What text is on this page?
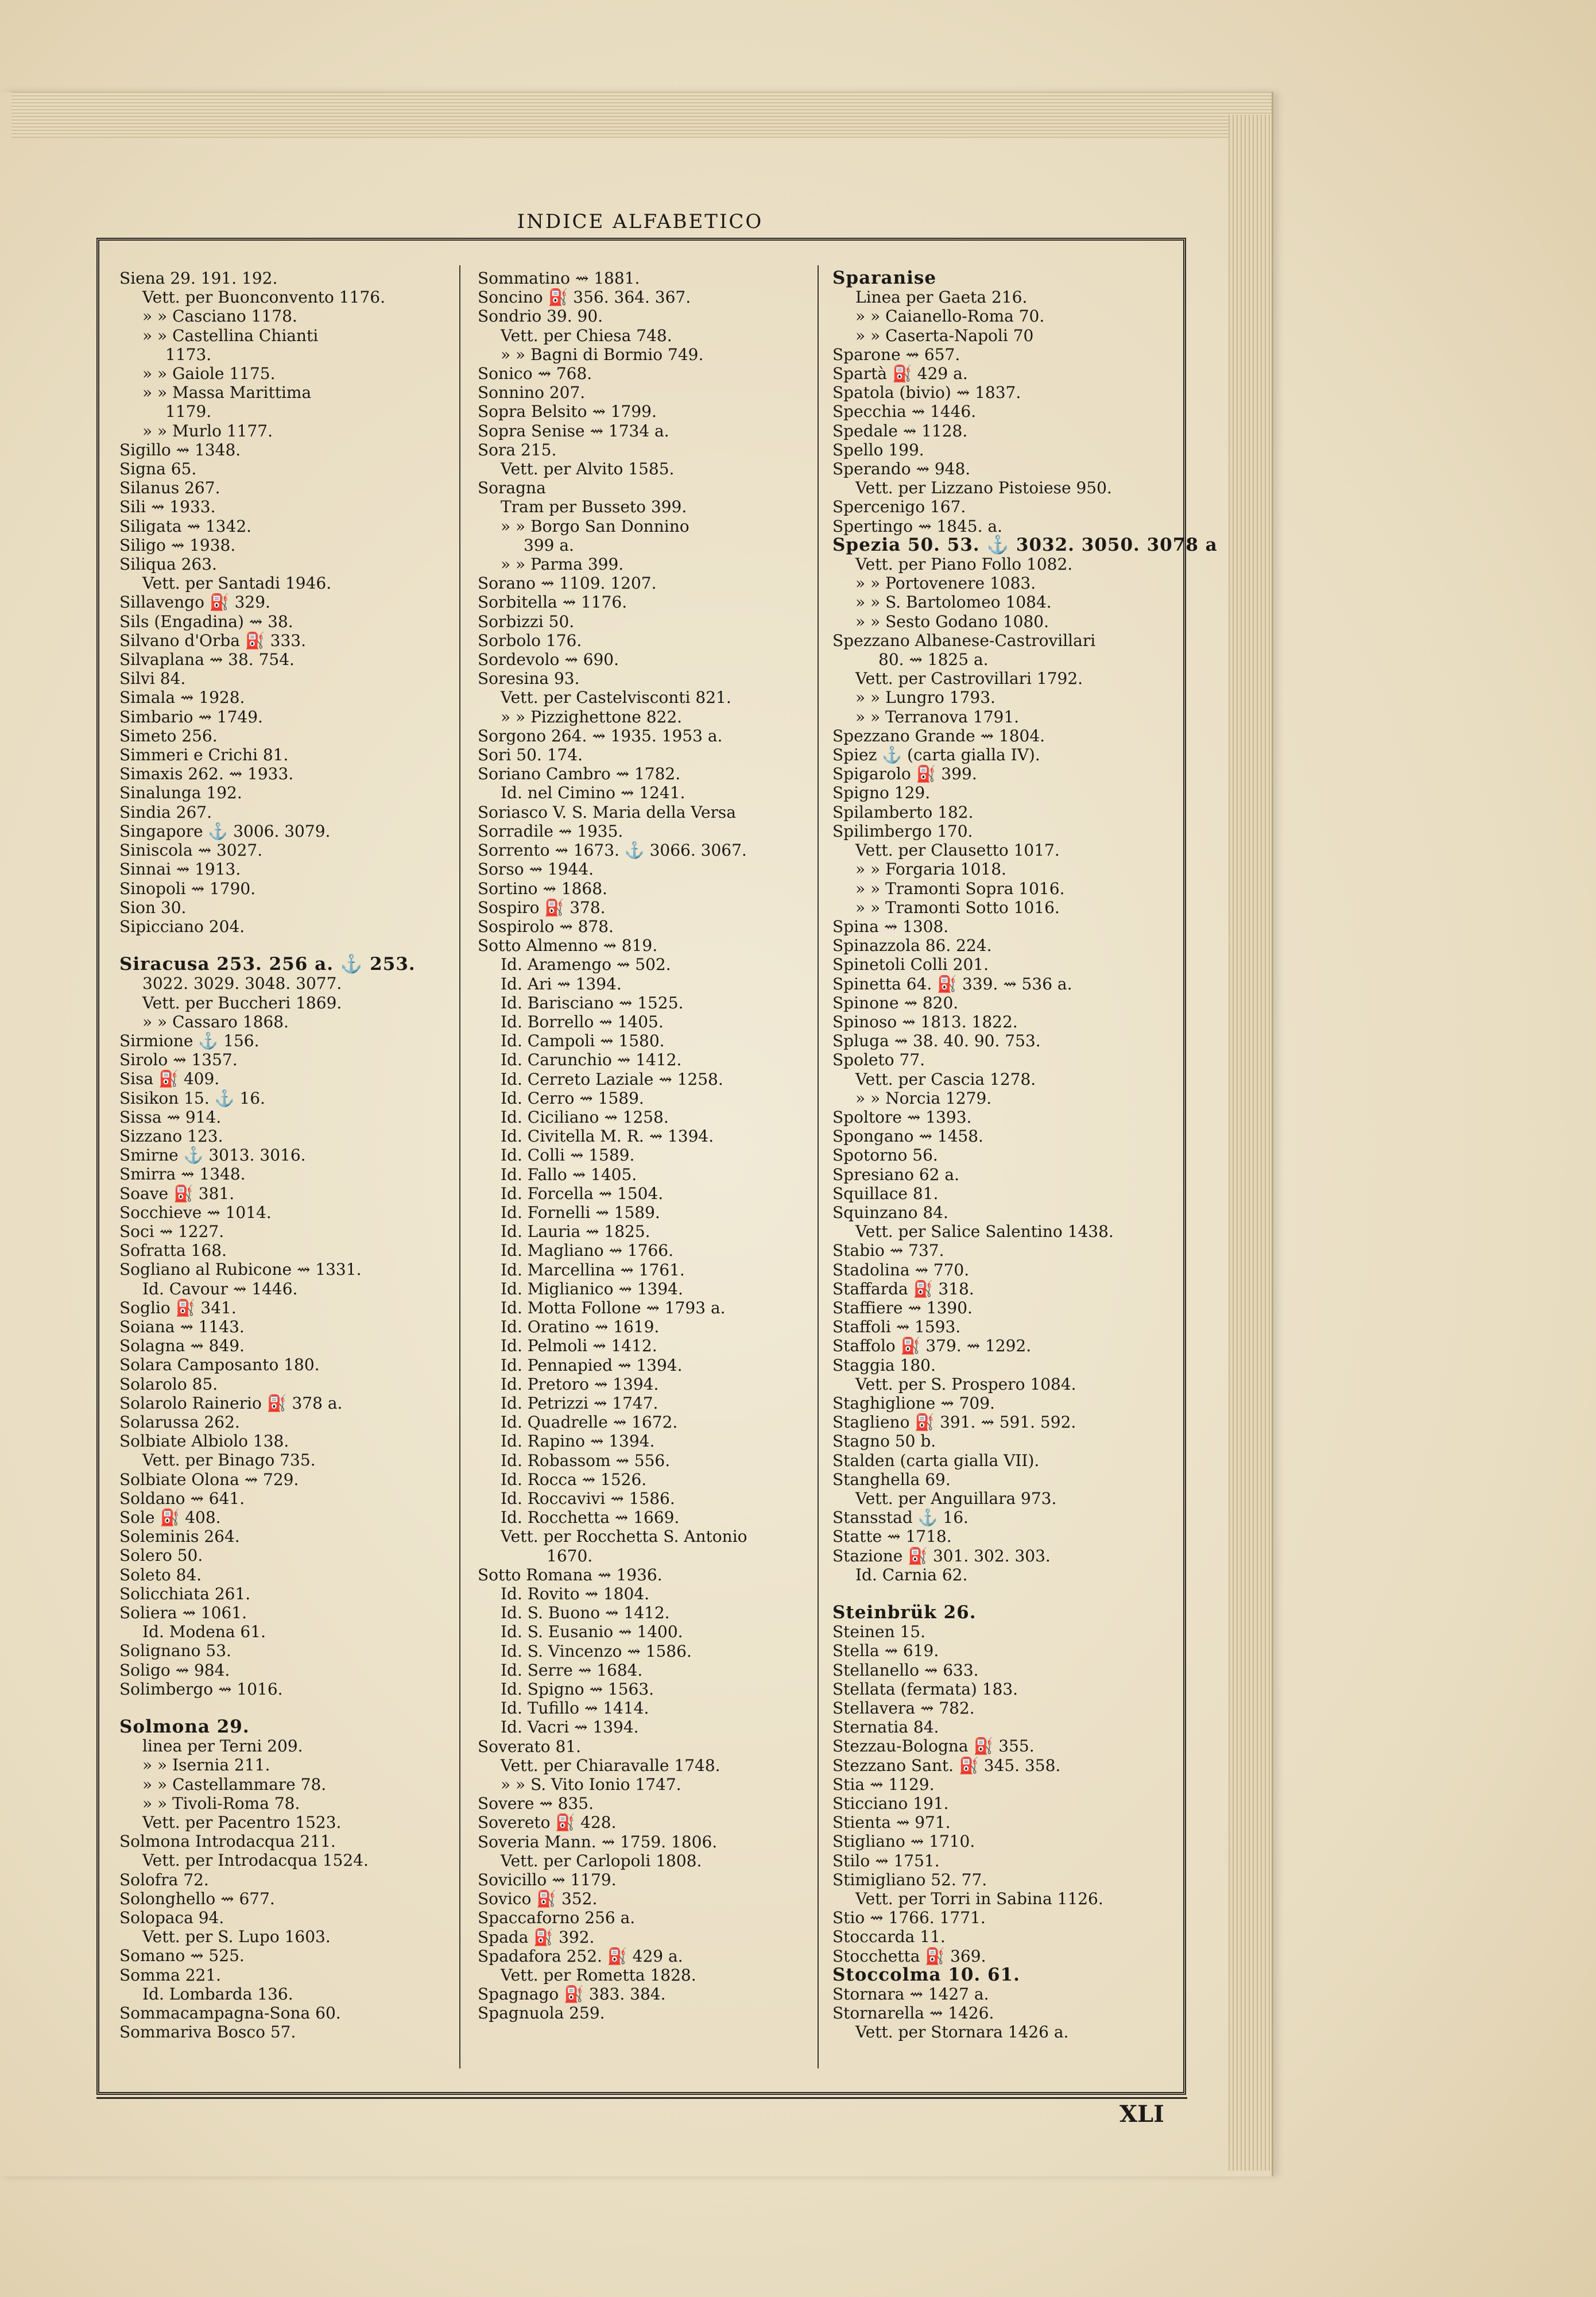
INDICE ALFABETICO
Siena 29. 191. 192.
Vett. per Buonconvento 1176.
» » Casciano 1178.
» » Castellina Chianti
1173.
» » Gaiole 1175.
» » Massa Marittima
1179.
» » Murlo 1177.
Sigillo ⇝ 1348.
Signa 65.
Silanus 267.
Sili ⇝ 1933.
Siligata ⇝ 1342.
Siligo ⇝ 1938.
Siliqua 263.
Vett. per Santadi 1946.
Sillavengo ⛽ 329.
Sils (Engadina) ⇝ 38.
Silvano d'Orba ⛽ 333.
Silvaplana ⇝ 38. 754.
Silvi 84.
Simala ⇝ 1928.
Simbario ⇝ 1749.
Simeto 256.
Simmeri e Crichi 81.
Simaxis 262. ⇝ 1933.
Sinalunga 192.
Sindia 267.
Singapore ⚓ 3006. 3079.
Siniscola ⇝ 3027.
Sinnai ⇝ 1913.
Sinopoli ⇝ 1790.
Sion 30.
Sipicciano 204.
Siracusa 253. 256 a. ⚓ 253.
3022. 3029. 3048. 3077.
Vett. per Buccheri 1869.
» » Cassaro 1868.
Sirmione ⚓ 156.
Sirolo ⇝ 1357.
Sisa ⛽ 409.
Sisikon 15. ⚓ 16.
Sissa ⇝ 914.
Sizzano 123.
Smirne ⚓ 3013. 3016.
Smirra ⇝ 1348.
Soave ⛽ 381.
Socchieve ⇝ 1014.
Soci ⇝ 1227.
Sofratta 168.
Sogliano al Rubicone ⇝ 1331.
Id. Cavour ⇝ 1446.
Soglio ⛽ 341.
Soiana ⇝ 1143.
Solagna ⇝ 849.
Solara Camposanto 180.
Solarolo 85.
Solarolo Rainerio ⛽ 378 a.
Solarussa 262.
Solbiate Albiolo 138.
Vett. per Binago 735.
Solbiate Olona ⇝ 729.
Soldano ⇝ 641.
Sole ⛽ 408.
Soleminis 264.
Solero 50.
Soleto 84.
Solicchiata 261.
Soliera ⇝ 1061.
Id. Modena 61.
Solignano 53.
Soligo ⇝ 984.
Solimbergo ⇝ 1016.
Solmona 29.
linea per Terni 209.
» » Isernia 211.
» » Castellammare 78.
» » Tivoli-Roma 78.
Vett. per Pacentro 1523.
Solmona Introdacqua 211.
Vett. per Introdacqua 1524.
Solofra 72.
Solonghello ⇝ 677.
Solopaca 94.
Vett. per S. Lupo 1603.
Somano ⇝ 525.
Somma 221.
Id. Lombarda 136.
Sommacampagna-Sona 60.
Sommariva Bosco 57.
Sommatino ⇝ 1881.
Soncino ⛽ 356. 364. 367.
Sondrio 39. 90.
Vett. per Chiesa 748.
» » Bagni di Bormio 749.
Sonico ⇝ 768.
Sonnino 207.
Sopra Belsito ⇝ 1799.
Sopra Senise ⇝ 1734 a.
Sora 215.
Vett. per Alvito 1585.
Soragna
Tram per Busseto 399.
» » Borgo San Donnino
399 a.
» » Parma 399.
Sorano ⇝ 1109. 1207.
Sorbitella ⇝ 1176.
Sorbizzi 50.
Sorbolo 176.
Sordevolo ⇝ 690.
Soresina 93.
Vett. per Castelvisconti 821.
» » Pizzighettone 822.
Sorgono 264. ⇝ 1935. 1953 a.
Sori 50. 174.
Soriano Cambro ⇝ 1782.
Id. nel Cimino ⇝ 1241.
Soriasco V. S. Maria della Versa
Sorradile ⇝ 1935.
Sorrento ⇝ 1673. ⚓ 3066. 3067.
Sorso ⇝ 1944.
Sortino ⇝ 1868.
Sospiro ⛽ 378.
Sospirolo ⇝ 878.
Sotto Almenno ⇝ 819.
Id. Aramengo ⇝ 502.
Id. Ari ⇝ 1394.
Id. Barisciano ⇝ 1525.
Id. Borrello ⇝ 1405.
Id. Campoli ⇝ 1580.
Id. Carunchio ⇝ 1412.
Id. Cerreto Laziale ⇝ 1258.
Id. Cerro ⇝ 1589.
Id. Ciciliano ⇝ 1258.
Id. Civitella M. R. ⇝ 1394.
Id. Colli ⇝ 1589.
Id. Fallo ⇝ 1405.
Id. Forcella ⇝ 1504.
Id. Fornelli ⇝ 1589.
Id. Lauria ⇝ 1825.
Id. Magliano ⇝ 1766.
Id. Marcellina ⇝ 1761.
Id. Miglianico ⇝ 1394.
Id. Motta Follone ⇝ 1793 a.
Id. Oratino ⇝ 1619.
Id. Pelmoli ⇝ 1412.
Id. Pennapied ⇝ 1394.
Id. Pretoro ⇝ 1394.
Id. Petrizzi ⇝ 1747.
Id. Quadrelle ⇝ 1672.
Id. Rapino ⇝ 1394.
Id. Robassom ⇝ 556.
Id. Rocca ⇝ 1526.
Id. Roccavivi ⇝ 1586.
Id. Rocchetta ⇝ 1669.
Vett. per Rocchetta S. Antonio
1670.
Sotto Romana ⇝ 1936.
Id. Rovito ⇝ 1804.
Id. S. Buono ⇝ 1412.
Id. S. Eusanio ⇝ 1400.
Id. S. Vincenzo ⇝ 1586.
Id. Serre ⇝ 1684.
Id. Spigno ⇝ 1563.
Id. Tufillo ⇝ 1414.
Id. Vacri ⇝ 1394.
Soverato 81.
Vett. per Chiaravalle 1748.
» » S. Vito Ionio 1747.
Sovere ⇝ 835.
Sovereto ⛽ 428.
Soveria Mann. ⇝ 1759. 1806.
Vett. per Carlopoli 1808.
Sovicillo ⇝ 1179.
Sovico ⛽ 352.
Spaccaforno 256 a.
Spada ⛽ 392.
Spadafora 252. ⛽ 429 a.
Vett. per Rometta 1828.
Spagnago ⛽ 383. 384.
Spagnuola 259.
Sparanise
Linea per Gaeta 216.
» » Caianello-Roma 70.
» » Caserta-Napoli 70
Sparone ⇝ 657.
Spartà ⛽ 429 a.
Spatola (bivio) ⇝ 1837.
Specchia ⇝ 1446.
Spedale ⇝ 1128.
Spello 199.
Sperando ⇝ 948.
Vett. per Lizzano Pistoiese 950.
Spercenigo 167.
Spertingo ⇝ 1845. a.
Spezia 50. 53. ⚓ 3032. 3050. 3078 a
Vett. per Piano Follo 1082.
» » Portovenere 1083.
» » S. Bartolomeo 1084.
» » Sesto Godano 1080.
Spezzano Albanese-Castrovillari
80. ⇝ 1825 a.
Vett. per Castrovillari 1792.
» » Lungro 1793.
» » Terranova 1791.
Spezzano Grande ⇝ 1804.
Spiez ⚓ (carta gialla IV).
Spigarolo ⛽ 399.
Spigno 129.
Spilamberto 182.
Spilimbergo 170.
Vett. per Clausetto 1017.
» » Forgaria 1018.
» » Tramonti Sopra 1016.
» » Tramonti Sotto 1016.
Spina ⇝ 1308.
Spinazzola 86. 224.
Spinetoli Colli 201.
Spinetta 64. ⛽ 339. ⇝ 536 a.
Spinone ⇝ 820.
Spinoso ⇝ 1813. 1822.
Spluga ⇝ 38. 40. 90. 753.
Spoleto 77.
Vett. per Cascia 1278.
» » Norcia 1279.
Spoltore ⇝ 1393.
Spongano ⇝ 1458.
Spotorno 56.
Spresiano 62 a.
Squillace 81.
Squinzano 84.
Vett. per Salice Salentino 1438.
Stabio ⇝ 737.
Stadolina ⇝ 770.
Staffarda ⛽ 318.
Staffiere ⇝ 1390.
Staffoli ⇝ 1593.
Staffolo ⛽ 379. ⇝ 1292.
Staggia 180.
Vett. per S. Prospero 1084.
Staghiglione ⇝ 709.
Staglieno ⛽ 391. ⇝ 591. 592.
Stagno 50 b.
Stalden (carta gialla VII).
Stanghella 69.
Vett. per Anguillara 973.
Stansstad ⚓ 16.
Statte ⇝ 1718.
Stazione ⛽ 301. 302. 303.
Id. Carnia 62.
Steinbrük 26.
Steinen 15.
Stella ⇝ 619.
Stellanello ⇝ 633.
Stellata (fermata) 183.
Stellavera ⇝ 782.
Sternatia 84.
Stezzau-Bologna ⛽ 355.
Stezzano Sant. ⛽ 345. 358.
Stia ⇝ 1129.
Sticciano 191.
Stienta ⇝ 971.
Stigliano ⇝ 1710.
Stilo ⇝ 1751.
Stimigliano 52. 77.
Vett. per Torri in Sabina 1126.
Stio ⇝ 1766. 1771.
Stoccarda 11.
Stocchetta ⛽ 369.
Stoccolma 10. 61.
Stornara ⇝ 1427 a.
Stornarella ⇝ 1426.
Vett. per Stornara 1426 a.
XLI
